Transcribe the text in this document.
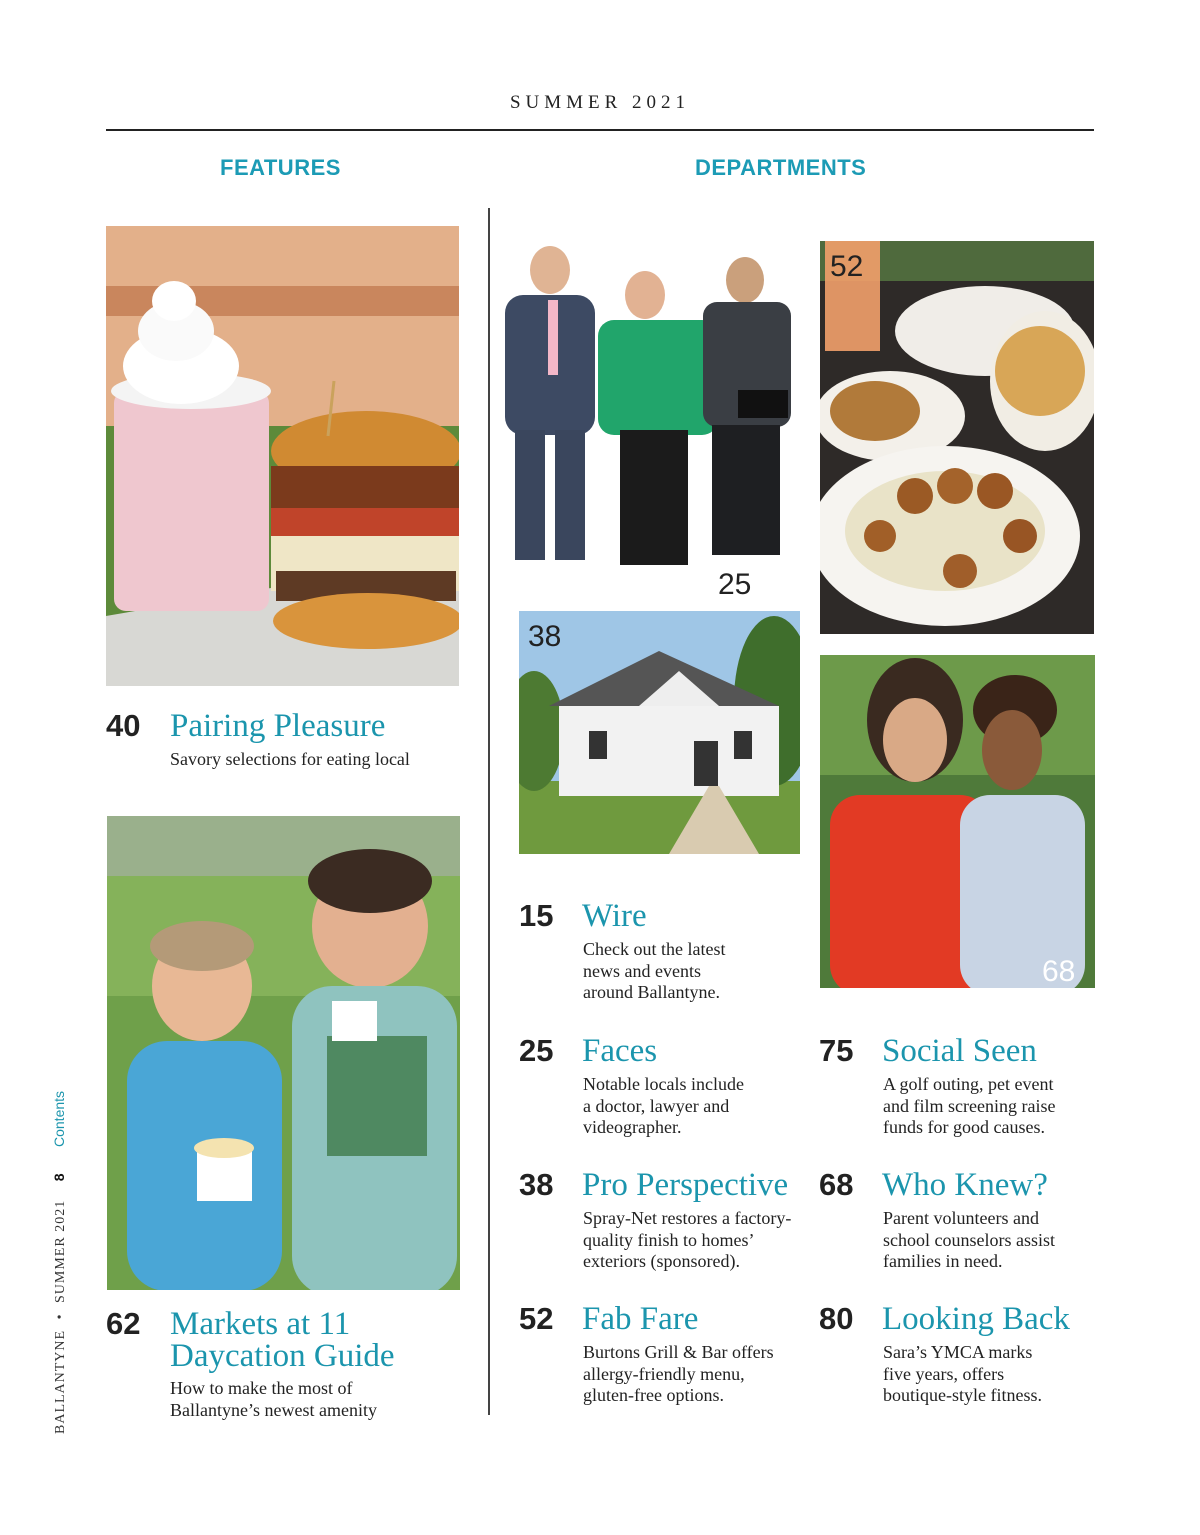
SUMMER 2021
FEATURES	DEPARTMENTS
40 Pairing Pleasure
Savory selections for eating local
62 Markets at 11
Daycation Guide
How to make the most of
Ballantyne’s newest amenity
25
38
52
68
15 Wire
Check out the latest
news and events
around Ballantyne.
25 Faces
Notable locals include
a doctor, lawyer and
videographer.
38 Pro Perspective
Spray-Net restores a factory-
quality finish to homes’
exteriors (sponsored).
52 Fab Fare
Burtons Grill & Bar offers
allergy-friendly menu,
gluten-free options.
75 Social Seen
A golf outing, pet event
and film screening raise
funds for good causes.
68 Who Knew?
Parent volunteers and
school counselors assist
families in need.
80 Looking Back
Sara’s YMCA marks
five years, offers
boutique-style fitness.
BALLANTYNE • SUMMER 2021 8 Contents
